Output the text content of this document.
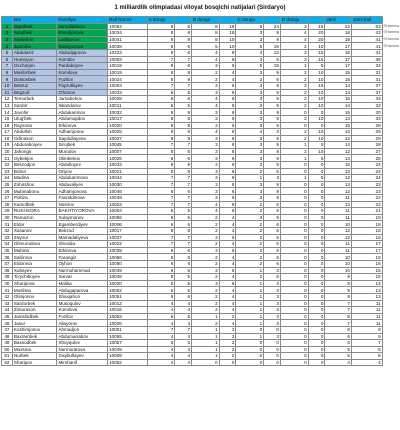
1 milliardlik olimpiadasi viloyat bosqichi natijalari (Sirdaryo)
	Ism	Familiya	Roll Nomer	A daraja		B daraja		C daraja		D daraja		Jami	Jami ball	
1	Oqodbek	Jamoliddinov	10054	8	8	8	16	8	24	3	15	22	63	0'Hamma
2	Asadbek	Komiljonova	10034	8	8	8	16	3	9	4	20	18	43	0'Hamma
3	Saidahror	Latibjonov	10041	9	9	8	10	3	9	4	20	19	41	0'Hamma
4	Jasmina	Xudoyorova	10038	8	6	5	10	5	15	2	10	17	41	0'Hamma
5	Abdulaziz	Abdudjajonov	10223	6	6	4	8	4	12	3	15	16	41	
6	Humoyun	Komilov	10003	7	7	4	8	3	9	3	15	17	39	
7	Oxchorjon	Pardaboyev	10019	8	8	3	6	5	15	1	5	17	34	
8	Muslimbek	Komilova	10019	8	8	2	4	3	9	2	10	15	31	
9	Dostonbek	Fozilov	10024	9	9	2	4	2	6	2	10	15	31	
10	Bekruz	Fayzullayev	10003	7	7	3	6	3	9	3	15	14	37	
11	Begzod	O'lomov	10033	6	6	3	6	3	9	2	10	14	37	
12	Temurbek	Jumabekov	10028	6	6	4	8	3	9	2	10	15	33	
13	Sardor	Iskandarov	10011	5	5	4	8	3	9	2	10	14	32	
14	Javohir	Abdukarimov	10032	9	9	3	6	3	9	0	0	15	30	
15	Ulug'bek	Abdumajidov	10017	8	8	3	6	3	9	2	10	13	33	
16	Rayxona	Erkinova	10020	8	8	3	6	3	9	0	0	15	29	
17	Abdulloh	Adhamjonov	10025	8	8	4	8	4	3	2	10	13	29	
18	Odinaxon	Saydullayeva	10027	9	9	3	6	3	9	2	10	12	29	
19	Abduraboiyev	Sirojbek	10045	7	7	3	6	3	9	1	5	14	28	
20	Jahongir	Murodov	10007	6	6	3	6	3	9	2	10	12	27	
21	Oybekjon	Olimbekov	10026	6	6	3	6	3	9	1	5	13	26	
22	Bekzodjon	Abdulloyev	10033	9	9	3	6	3	9	0	0	15	24	
23	Bobur	Oripov	10021	8	8	3	6	2	6	0	0	13	24	
24	Madina	Abdukarimova	10044	7	7	3	6	1	3	1	5	12	24	
25	Zohirshox	Abduvaliyev	10030	7	7	3	6	3	9	0	0	13	23	
26	Mubinabonu	Adhamjonova	10046	6	6	3	6	3	9	0	0	12	23	
27	Pokiza	Faxriddinova	10049	7	7	3	6	3	9	0	0	11	22	
28	Kamolbek	Nosirov	10024	7	7	4	8	2	6	0	0	13	22	
29	RUKHSORA	BAKHTIYOROVA	10004	5	5	4	8	2	6	0	0	11	21	
30	Ramazon	Sulaymonov	10056	6	6	2	4	3	9	0	0	11	19	
31	Eldor	Egamberdiyev	10006	6	6	2	4	2	6	0	0	10	18	
32	Xasanov	Bekzod	10017	8	8	2	4	2	6	0	0	12	18	
33	Zaynur	Mamadaliyeva	10037	7	7	3	6	2	6	0	0	12	18	
34	Olimurodova	Shoxida	10022	7	7	2	4	2	6	0	0	11	17	
35	Mubina	Erkinova	10039	6	6	3	6	2	6	0	0	11	17	
36	Sabirova	Farangiz	10056	6	6	2	4	2	6	0	0	10	16	
37	Eldorova	Oyhon	10050	6	6	2	4	2	6	0	0	10	16	
38	Xubayev	Nurmuhammad	10049	6	6	3	6	1	3	0	0	10	15	
39	To'ychiboyev	Sarvar	10048	5	5	2	4	2	6	0	0	9	15	
40	Sharipova	Malika	10020	5	5	3	6	1	3	0	0	9	14	
41	Muslima	Abdugaparova	10002	6	6	2	4	1	3	0	0	9	13	
42	Olimjonov	Shaxjahon	10051	6	6	2	4	1	3	0	0	9	13	
43	Sardorbek	Musoqulov	10012	4	4	2	4	1	3	0	0	7	11	
44	Zimuraxon	Komilova	10016	4	4	2	4	1	3	0	0	7	11	
45	Jamshidbek	Fozilov	10053	6	6	1	2	1	3	0	0	8	11	
46	Jasur	Allayorov	10036	4	4	2	4	1	3	0	0	7	11	
47	Koshimjonov	Ahmadjon	10001	7	7	1	2	0	0	0	0	8	9	
48	Baxrambek	Abdumanabov	10055	4	4	1	2	1	3	0	0	6	9	
49	Baxsodbek	Shoyqulov	10057	5	5	1	2	0	0	0	0	6	7	
50	Muxsina	Nurmuratova	10049	4	4	1	2	0	0	0	0	5	6	
51	Nurbek	Gaybullayev	10009	4	4	1	2	0	0	0	0	5	6	
52	Sharipov	Mirshanif	10052	4	4	0	0	0	0	0	0	4	4	
